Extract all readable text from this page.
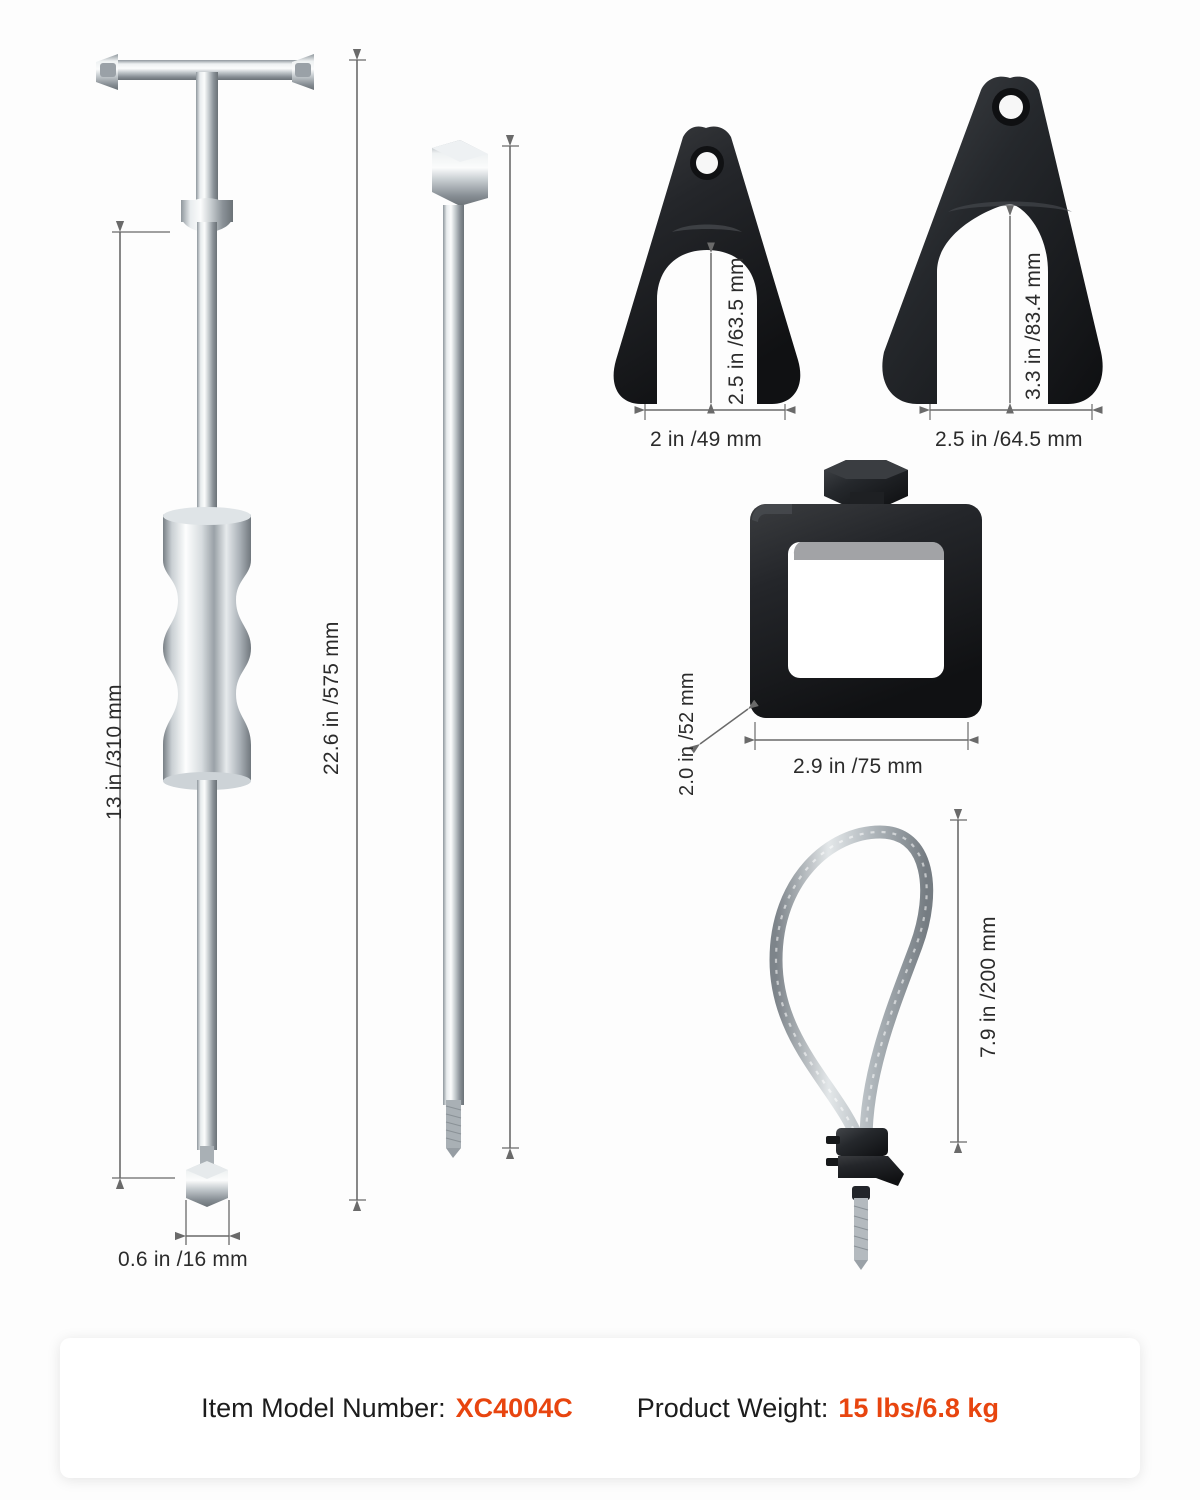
13 in /310 mm	22.6 in /575 mm
0.6 in /16 mm
2.5 in /63.5 mm
2 in /49 mm
3.3 in /83.4 mm
2.5 in /64.5 mm
2.0 in /52 mm	2.9 in /75 mm
7.9 in /200 mm
Item Model Number: XC4004C Product Weight: 15 lbs/6.8 kg
